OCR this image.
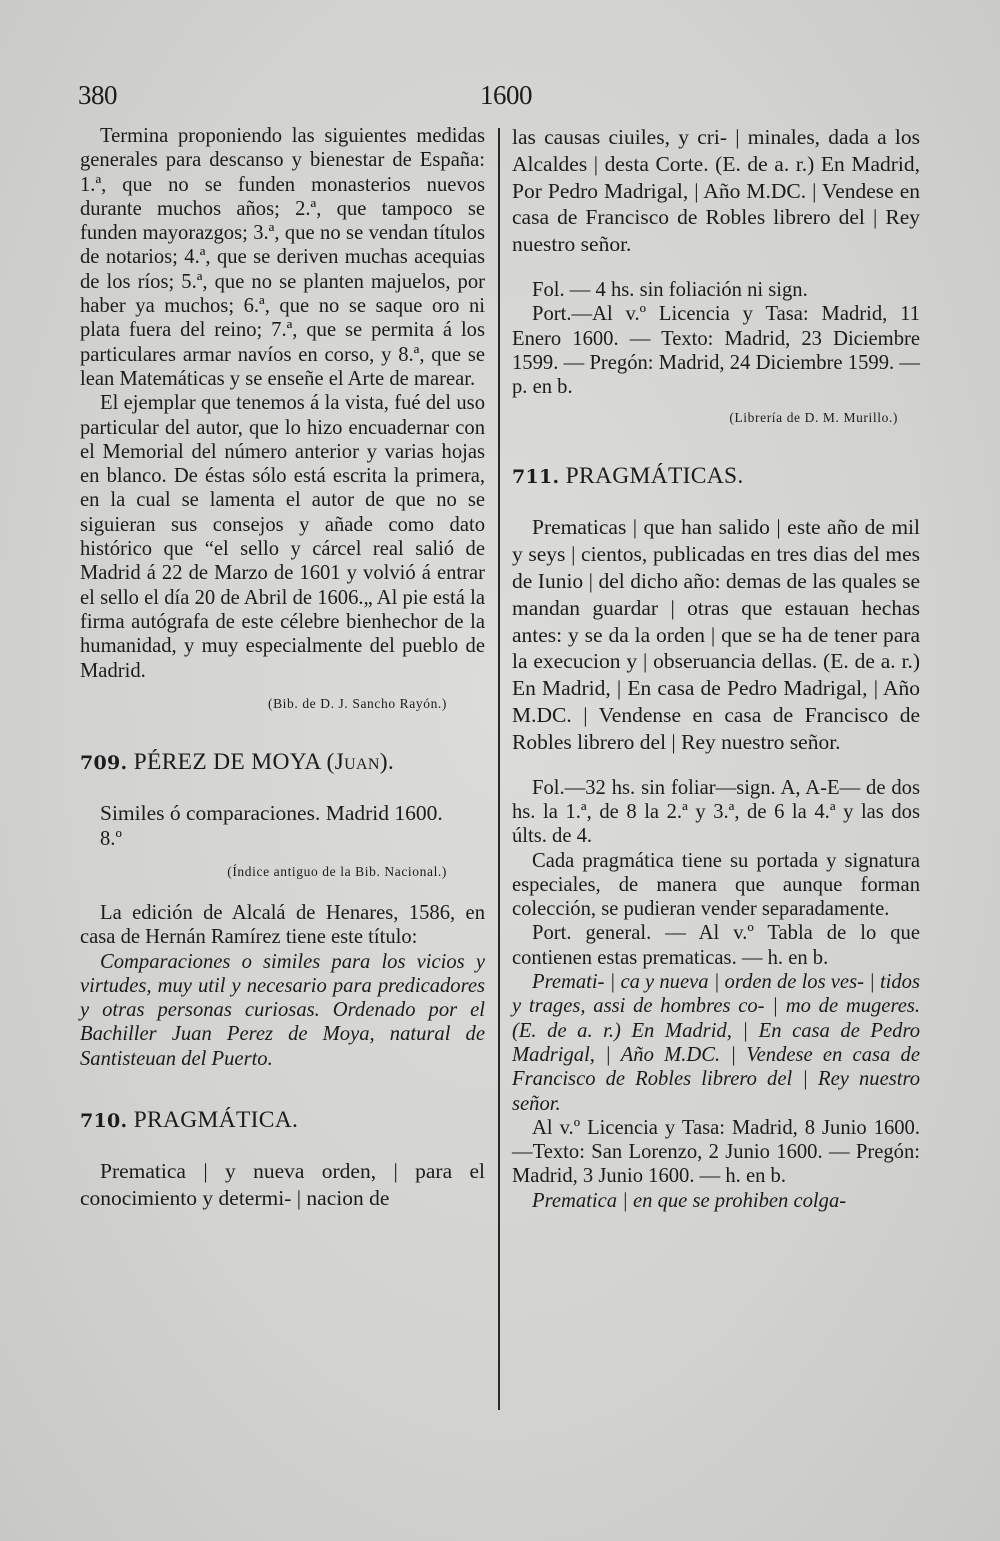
380	1600

Termina proponiendo las siguientes medidas generales para descanso y bienestar de España: 1.ª, que no se funden monasterios nuevos durante muchos años; 2.ª, que tampoco se funden mayorazgos; 3.ª, que no se vendan títulos de notarios; 4.ª, que se deriven muchas acequias de los ríos; 5.ª, que no se planten majuelos, por haber ya muchos; 6.ª, que no se saque oro ni plata fuera del reino; 7.ª, que se permita á los particulares armar navíos en corso, y 8.ª, que se lean Matemáticas y se enseñe el Arte de marear.

El ejemplar que tenemos á la vista, fué del uso particular del autor, que lo hizo encuadernar con el Memorial del número anterior y varias hojas en blanco. De éstas sólo está escrita la primera, en la cual se lamenta el autor de que no se siguieran sus consejos y añade como dato histórico que “el sello y cárcel real salió de Madrid á 22 de Marzo de 1601 y volvió á entrar el sello el día 20 de Abril de 1606.„ Al pie está la firma autógrafa de este célebre bienhechor de la humanidad, y muy especialmente del pueblo de Madrid.

(Bib. de D. J. Sancho Rayón.)

709. PÉREZ DE MOYA (Juan).

Similes ó comparaciones. Madrid 1600.

8.º

(Índice antiguo de la Bib. Nacional.)

La edición de Alcalá de Henares, 1586, en casa de Hernán Ramírez tiene este título:

Comparaciones o similes para los vicios y virtudes, muy util y necesario para predicadores y otras personas curiosas. Ordenado por el Bachiller Juan Perez de Moya, natural de Santisteuan del Puerto.

710. PRAGMÁTICA.

Prematica | y nueva orden, | para el conocimiento y determi- | nacion de

las causas ciuiles, y cri- | minales, dada a los Alcaldes | desta Corte. (E. de a. r.) En Madrid, Por Pedro Madrigal, | Año M.DC. | Vendese en casa de Francisco de Robles librero del | Rey nuestro señor.

Fol. — 4 hs. sin foliación ni sign.

Port.—Al v.º Licencia y Tasa: Madrid, 11 Enero 1600. — Texto: Madrid, 23 Diciembre 1599. — Pregón: Madrid, 24 Diciembre 1599. — p. en b.

(Librería de D. M. Murillo.)

711. PRAGMÁTICAS.

Prematicas | que han salido | este año de mil y seys | cientos, publicadas en tres dias del mes de Iunio | del dicho año: demas de las quales se mandan guardar | otras que estauan hechas antes: y se da la orden | que se ha de tener para la execucion y | obseruancia dellas. (E. de a. r.) En Madrid, | En casa de Pedro Madrigal, | Año M.DC. | Vendense en casa de Francisco de Robles librero del | Rey nuestro señor.

Fol.—32 hs. sin foliar—sign. A, A-E— de dos hs. la 1.ª, de 8 la 2.ª y 3.ª, de 6 la 4.ª y las dos últs. de 4.

Cada pragmática tiene su portada y signatura especiales, de manera que aunque forman colección, se pudieran vender separadamente.

Port. general. — Al v.º Tabla de lo que contienen estas prematicas. — h. en b.

Premati- | ca y nueva | orden de los ves- | tidos y trages, assi de hombres co- | mo de mugeres. (E. de a. r.) En Madrid, | En casa de Pedro Madrigal, | Año M.DC. | Vendese en casa de Francisco de Robles librero del | Rey nuestro señor.

Al v.º Licencia y Tasa: Madrid, 8 Junio 1600.—Texto: San Lorenzo, 2 Junio 1600. — Pregón: Madrid, 3 Junio 1600. — h. en b.

Prematica | en que se prohiben colga-
